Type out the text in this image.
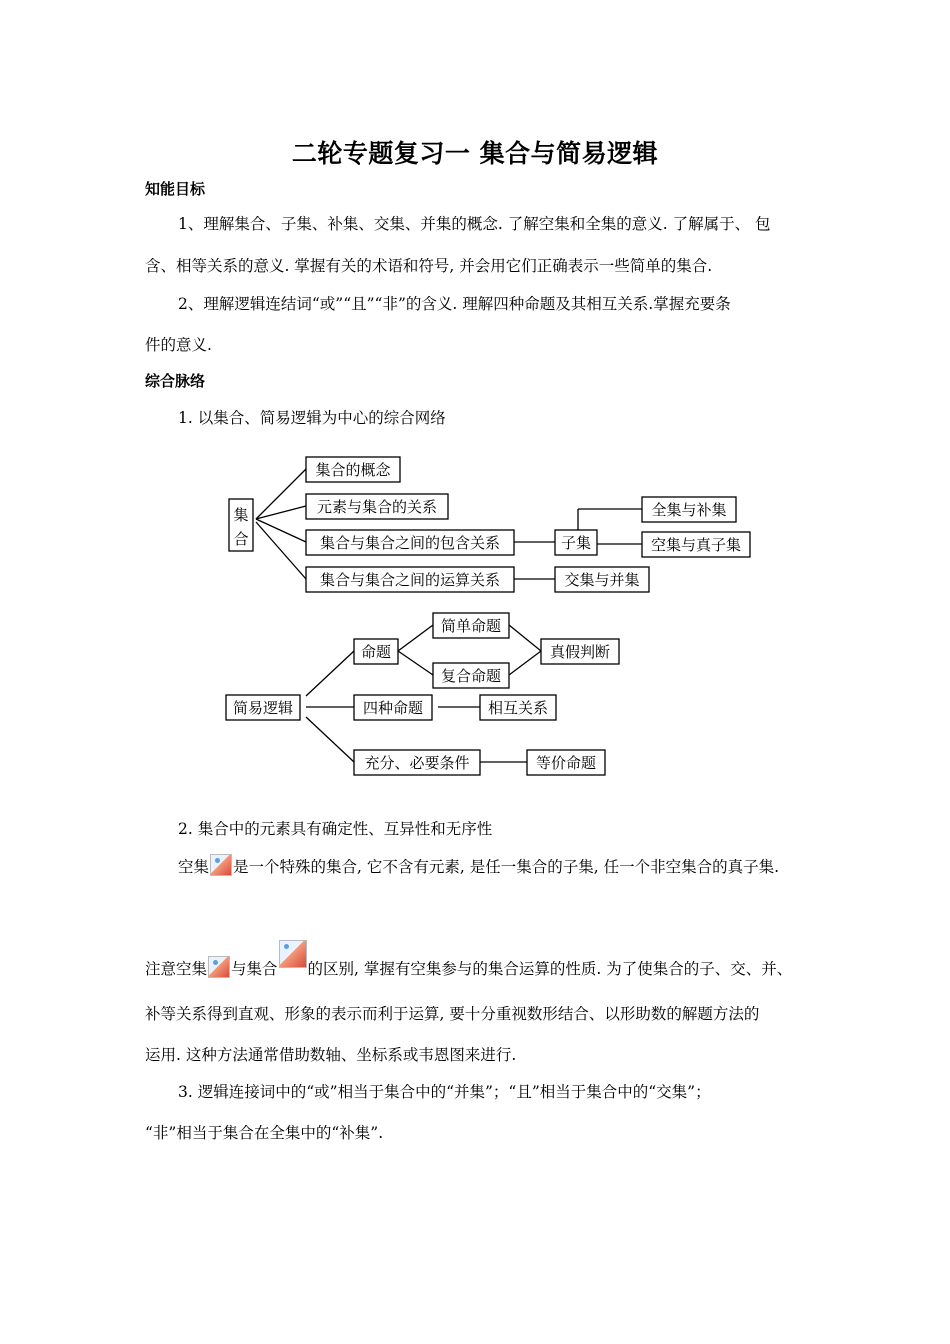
二轮专题复习一 集合与简易逻辑
知能目标
1、理解集合、子集、补集、交集、并集的概念. 了解空集和全集的意义. 了解属于、 包
含、相等关系的意义. 掌握有关的术语和符号, 并会用它们正确表示一些简单的集合.
2、理解逻辑连结词“或”“且”“非”的含义. 理解四种命题及其相互关系.掌握充要条
件的意义.
综合脉络
1. 以集合、简易逻辑为中心的综合网络
集
合
集合的概念
元素与集合的关系
集合与集合之间的包含关系
集合与集合之间的运算关系
子集
全集与补集
空集与真子集
交集与并集
简易逻辑
命题
简单命题
复合命题
真假判断
四种命题	相互关系
充分、必要条件	等价命题
2. 集合中的元素具有确定性、互异性和无序性
空集 是一个特殊的集合, 它不含有元素, 是任一集合的子集, 任一个非空集合的真子集.
注意空集 与集合 的区别, 掌握有空集参与的集合运算的性质. 为了使集合的子、交、并、
补等关系得到直观、形象的表示而利于运算, 要十分重视数形结合、以形助数的解题方法的
运用. 这种方法通常借助数轴、坐标系或韦恩图来进行.
3. 逻辑连接词中的“或”相当于集合中的“并集”；“且”相当于集合中的“交集”；
“非”相当于集合在全集中的“补集”.
